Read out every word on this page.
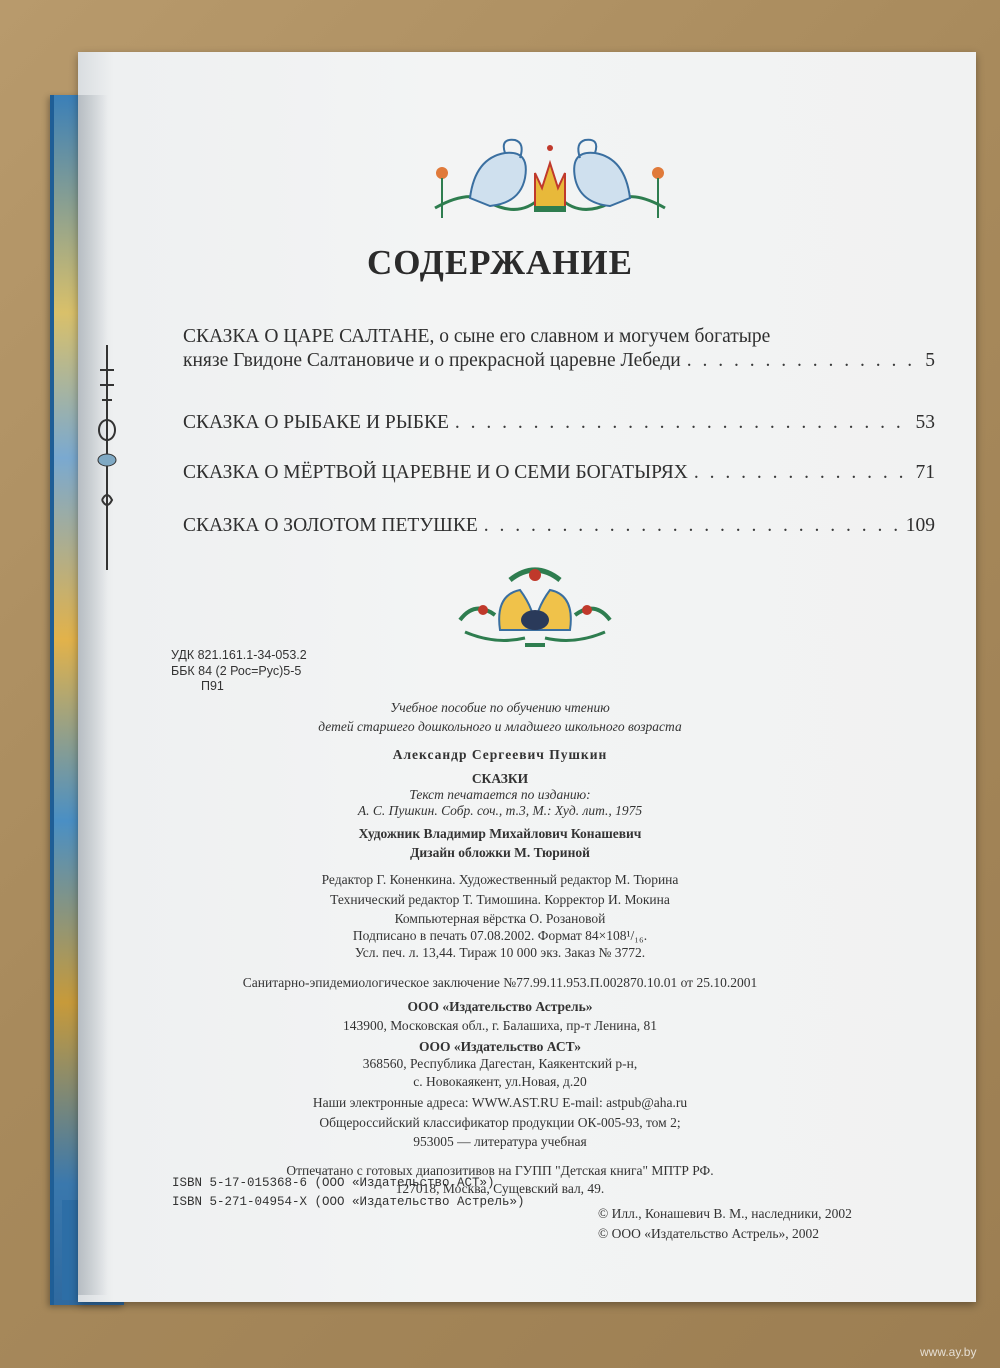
СОДЕРЖАНИЕ
СКАЗКА О ЦАРЕ САЛТАНЕ, о сыне его славном и могучем богатыре
князе Гвидоне Салтановиче и о прекрасной царевне Лебеди . . .	5
СКАЗКА О РЫБАКЕ И РЫБКЕ . . .	53
СКАЗКА О МЁРТВОЙ ЦАРЕВНЕ И О СЕМИ БОГАТЫРЯХ . . .	71
СКАЗКА О ЗОЛОТОМ ПЕТУШКЕ . . .	109
УДК 821.161.1-34-053.2
ББК 84 (2 Рос=Рус)5-5
П91
Учебное пособие по обучению чтению
детей старшего дошкольного и младшего школьного возраста
Александр Сергеевич Пушкин
СКАЗКИ
Текст печатается по изданию:
А. С. Пушкин. Собр. соч., т.3, М.: Худ. лит., 1975
Художник Владимир Михайлович Конашевич
Дизайн обложки М. Тюриной
Редактор Г. Коненкина. Художественный редактор М. Тюрина
Технический редактор Т. Тимошина. Корректор И. Мокина
Компьютерная вёрстка О. Розановой
Подписано в печать 07.08.2002. Формат 84×108¹/₁₆.
Усл. печ. л. 13,44. Тираж 10 000 экз. Заказ № 3772.
Санитарно-эпидемиологическое заключение №77.99.11.953.П.002870.10.01 от 25.10.2001
ООО «Издательство Астрель»
143900, Московская обл., г. Балашиха, пр-т Ленина, 81
ООО «Издательство АСТ»
368560, Республика Дагестан, Каякентский р-н,
с. Новокаякент, ул.Новая, д.20
Наши электронные адреса: WWW.AST.RU E-mail: astpub@aha.ru
Общероссийский классификатор продукции ОК-005-93, том 2;
953005 — литература учебная
Отпечатано с готовых диапозитивов на ГУПП "Детская книга" МПТР РФ.
127018, Москва, Сущевский вал, 49.
ISBN 5-17-015368-6 (ООО «Издательство АСТ»)
ISBN 5-271-04954-X (ООО «Издательство Астрель»)
© Илл., Конашевич В. М., наследники, 2002
© ООО «Издательство Астрель», 2002
www.ay.by
